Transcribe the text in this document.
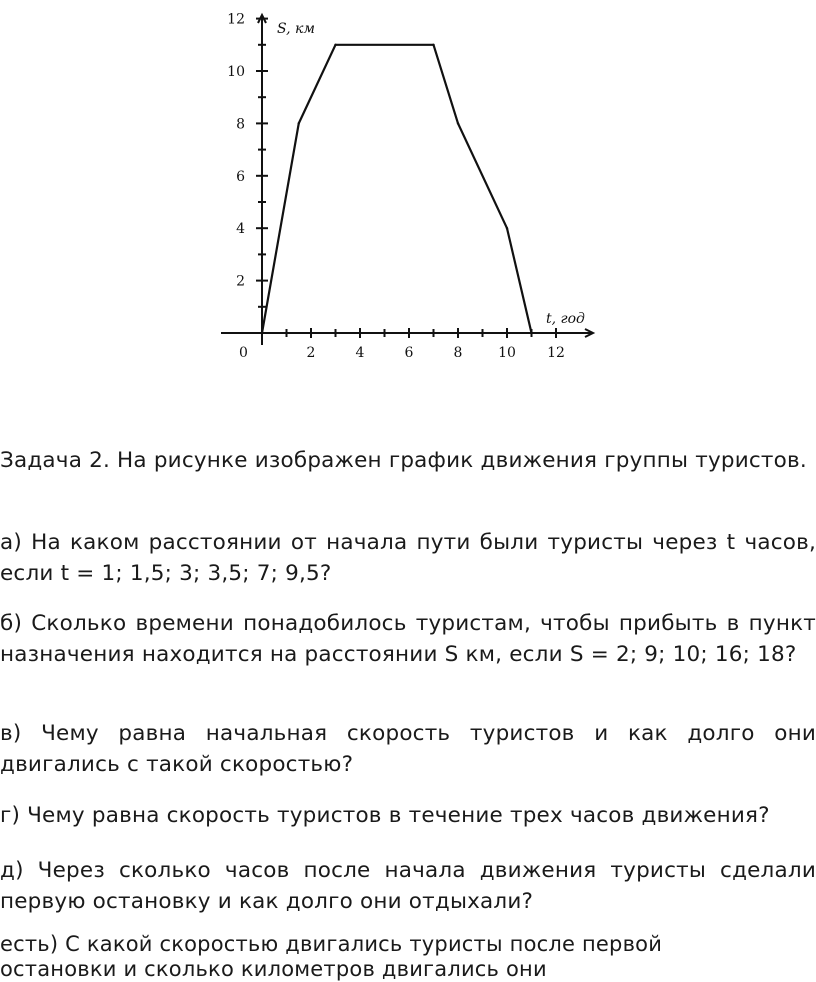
2	4	6	8	10 12
2
4
6
8
10
12
0
S, км
t, год

Задача 2. На рисунке изображен график движения группы туристов.

а) На каком расстоянии от начала пути были туристы через t часов, если t = 1; 1,5; 3; 3,5; 7; 9,5?

б) Сколько времени понадобилось туристам, чтобы прибыть в пункт назначения находится на расстоянии S км, если S = 2; 9; 10; 16; 18?

в) Чему равна начальная скорость туристов и как долго они двигались с такой скоростью?

г) Чему равна скорость туристов в течение трех часов движения?

д) Через сколько часов после начала движения туристы сделали первую остановку и как долго они отдыхали?

есть) С какой скоростью двигались туристы после первой остановки и сколько километров двигались они
